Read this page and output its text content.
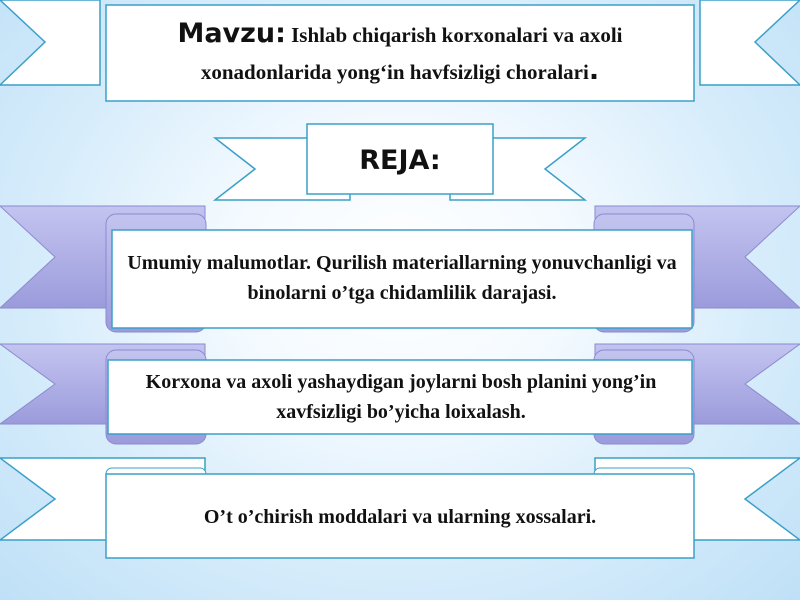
Mavzu: Ishlab chiqarish korxonalari va axoli xonadonlarida yong‘in havfsizligi choralari.
REJA:
Umumiy malumotlar. Qurilish materiallarning yonuvchanligi va binolarni o’tga chidamlilik darajasi.
Korxona va axoli yashaydigan joylarni bosh planini yong’in xavfsizligi bo’yicha loixalash.
O’t o’chirish moddalari va ularning xossalari.
